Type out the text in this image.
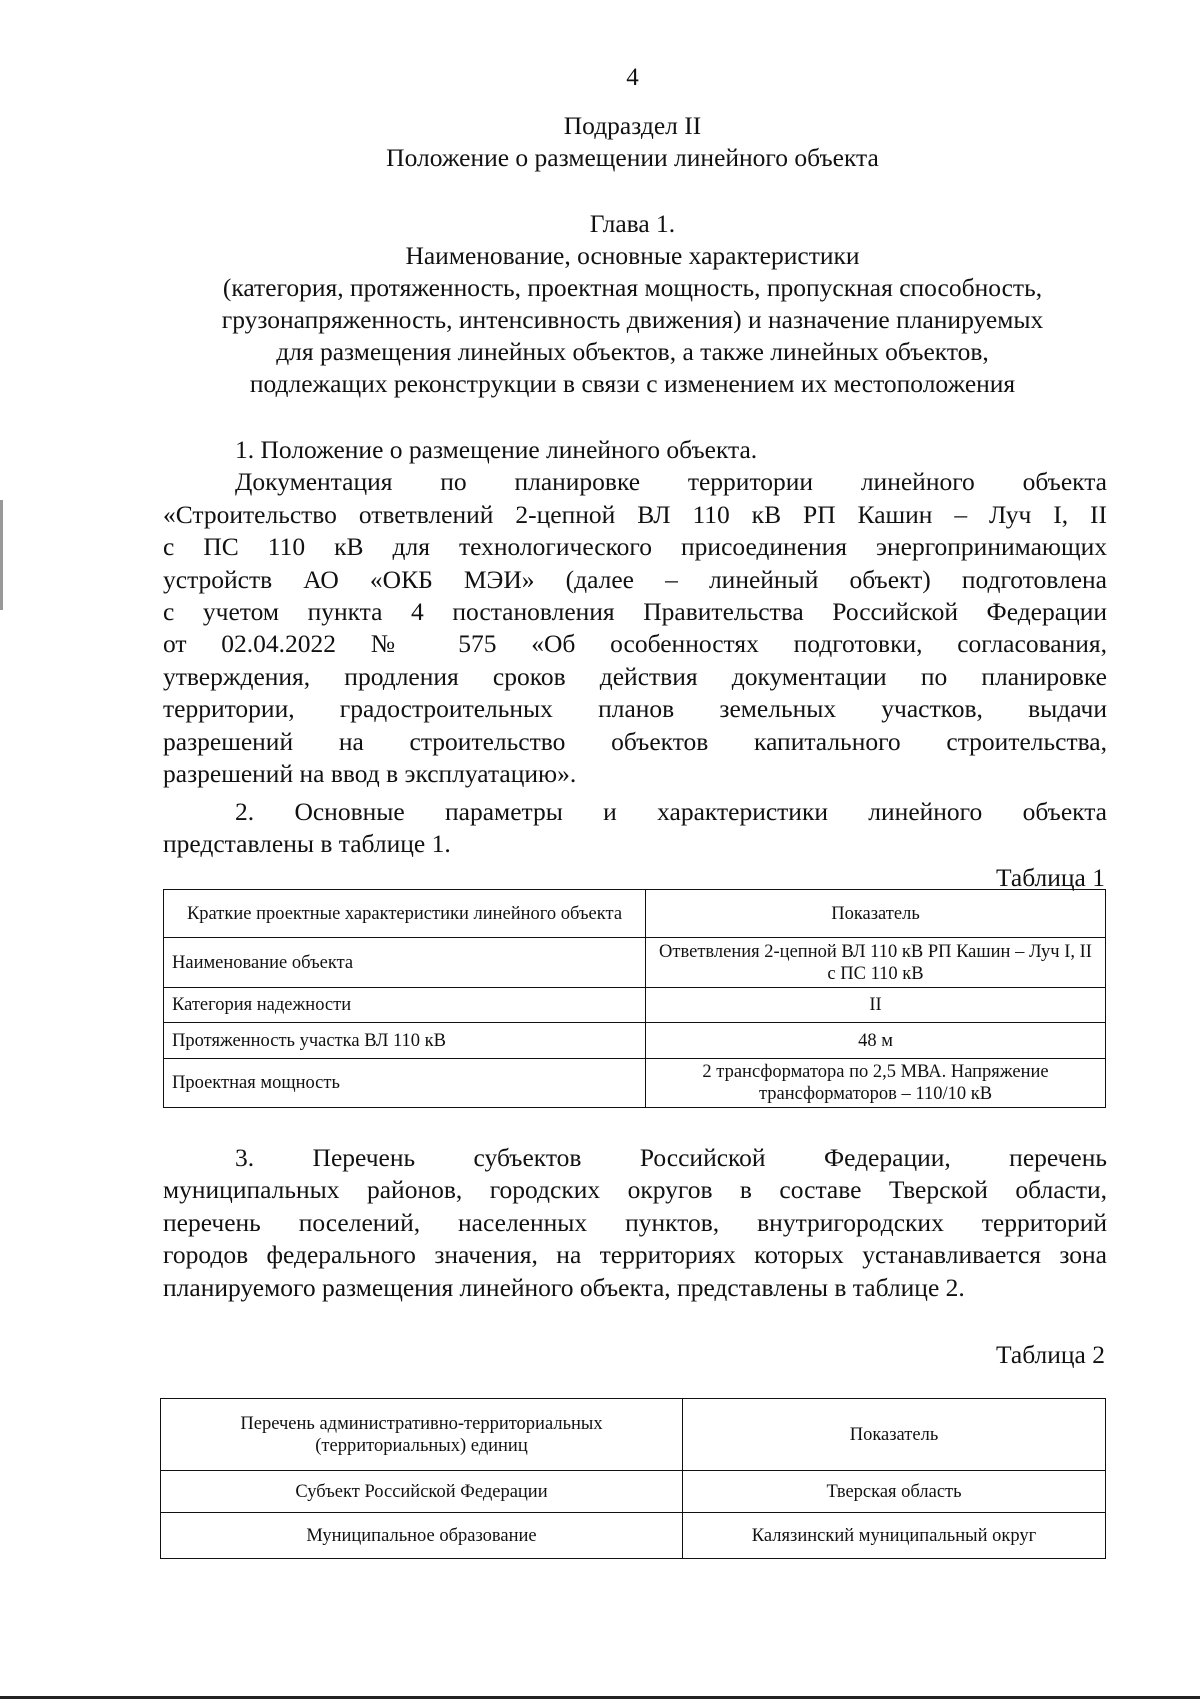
4
Подраздел II
Положение о размещении линейного объекта
Глава 1.
Наименование, основные характеристики
(категория, протяженность, проектная мощность, пропускная способность,
грузонапряженность, интенсивность движения) и назначение планируемых
для размещения линейных объектов, а также линейных объектов,
подлежащих реконструкции в связи с изменением их местоположения
1. Положение о размещение линейного объекта.
Документация по планировке территории линейного объекта
«Строительство ответвлений 2-цепной ВЛ 110 кВ РП Кашин – Луч I, II
с ПС 110 кВ для технологического присоединения энергопринимающих
устройств АО «ОКБ МЭИ» (далее – линейный объект) подготовлена
с учетом пункта 4 постановления Правительства Российской Федерации
от 02.04.2022 № 575 «Об особенностях подготовки, согласования,
утверждения, продления сроков действия документации по планировке
территории, градостроительных планов земельных участков, выдачи
разрешений на строительство объектов капитального строительства,
разрешений на ввод в эксплуатацию».
2. Основные параметры и характеристики линейного объекта
представлены в таблице 1.
Таблица 1
Краткие проектные характеристики линейного объекта	Показатель
Наименование объекта	Ответвления 2-цепной ВЛ 110 кВ РП Кашин – Луч I, II с ПС 110 кВ
Категория надежности	II
Протяженность участка ВЛ 110 кВ	48 м
Проектная мощность	2 трансформатора по 2,5 МВА. Напряжение трансформаторов – 110/10 кВ
3. Перечень субъектов Российской Федерации, перечень
муниципальных районов, городских округов в составе Тверской области,
перечень поселений, населенных пунктов, внутригородских территорий
городов федерального значения, на территориях которых устанавливается зона
планируемого размещения линейного объекта, представлены в таблице 2.
Таблица 2
Перечень административно-территориальных (территориальных) единиц	Показатель
Субъект Российской Федерации	Тверская область
Муниципальное образование	Калязинский муниципальный округ
